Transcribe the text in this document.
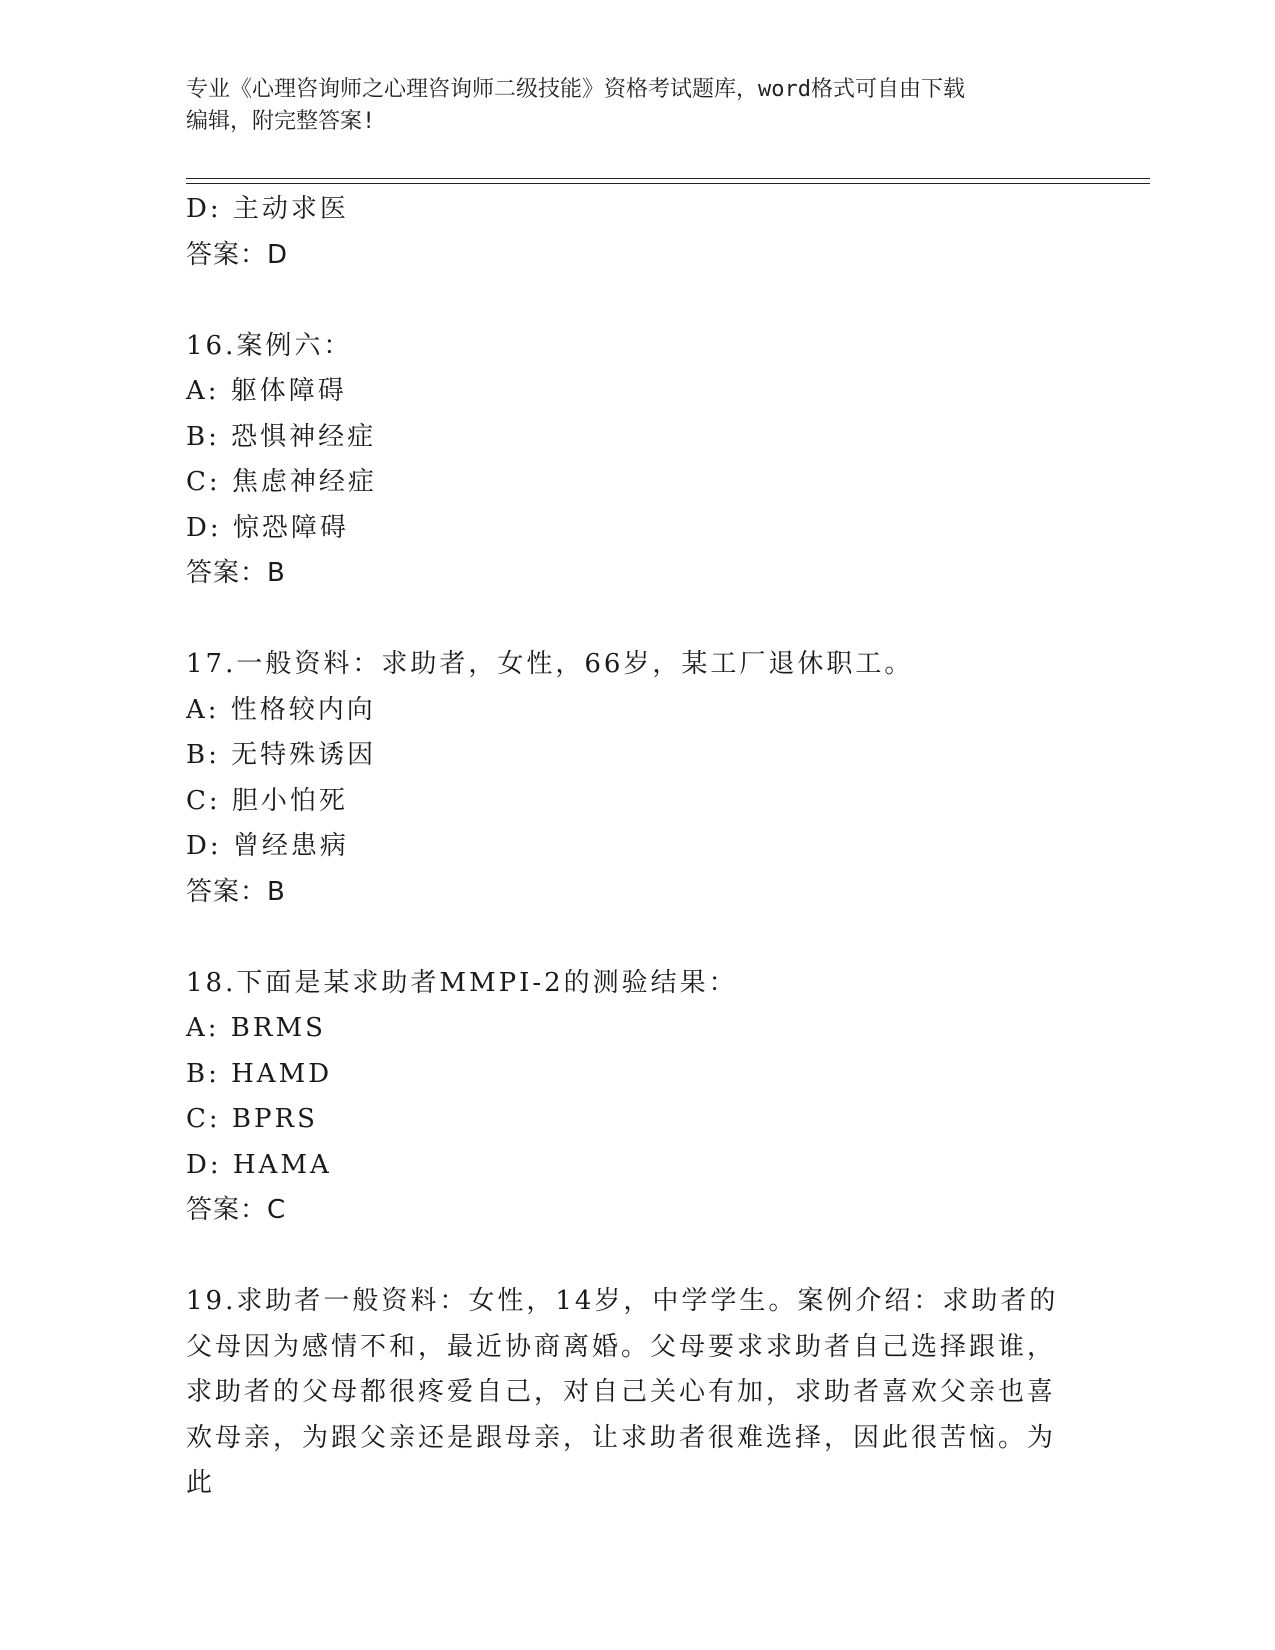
专业《心理咨询师之心理咨询师二级技能》资格考试题库，word格式可自由下载
编辑，附完整答案!
D: 主动求医
答案：D
16.案例六：
A: 躯体障碍
B: 恐惧神经症
C: 焦虑神经症
D: 惊恐障碍
答案：B
17.一般资料：求助者，女性，66岁，某工厂退休职工。
A: 性格较内向
B: 无特殊诱因
C: 胆小怕死
D: 曾经患病
答案：B
18.下面是某求助者MMPI-2的测验结果：
A: BRMS
B: HAMD
C: BPRS
D: HAMA
答案：C
19.求助者一般资料：女性，14岁，中学学生。案例介绍：求助者的父母因为感情不和，最近协商离婚。父母要求求助者自己选择跟谁，求助者的父母都很疼爱自己，对自己关心有加，求助者喜欢父亲也喜欢母亲，为跟父亲还是跟母亲，让求助者很难选择，因此很苦恼。为此
